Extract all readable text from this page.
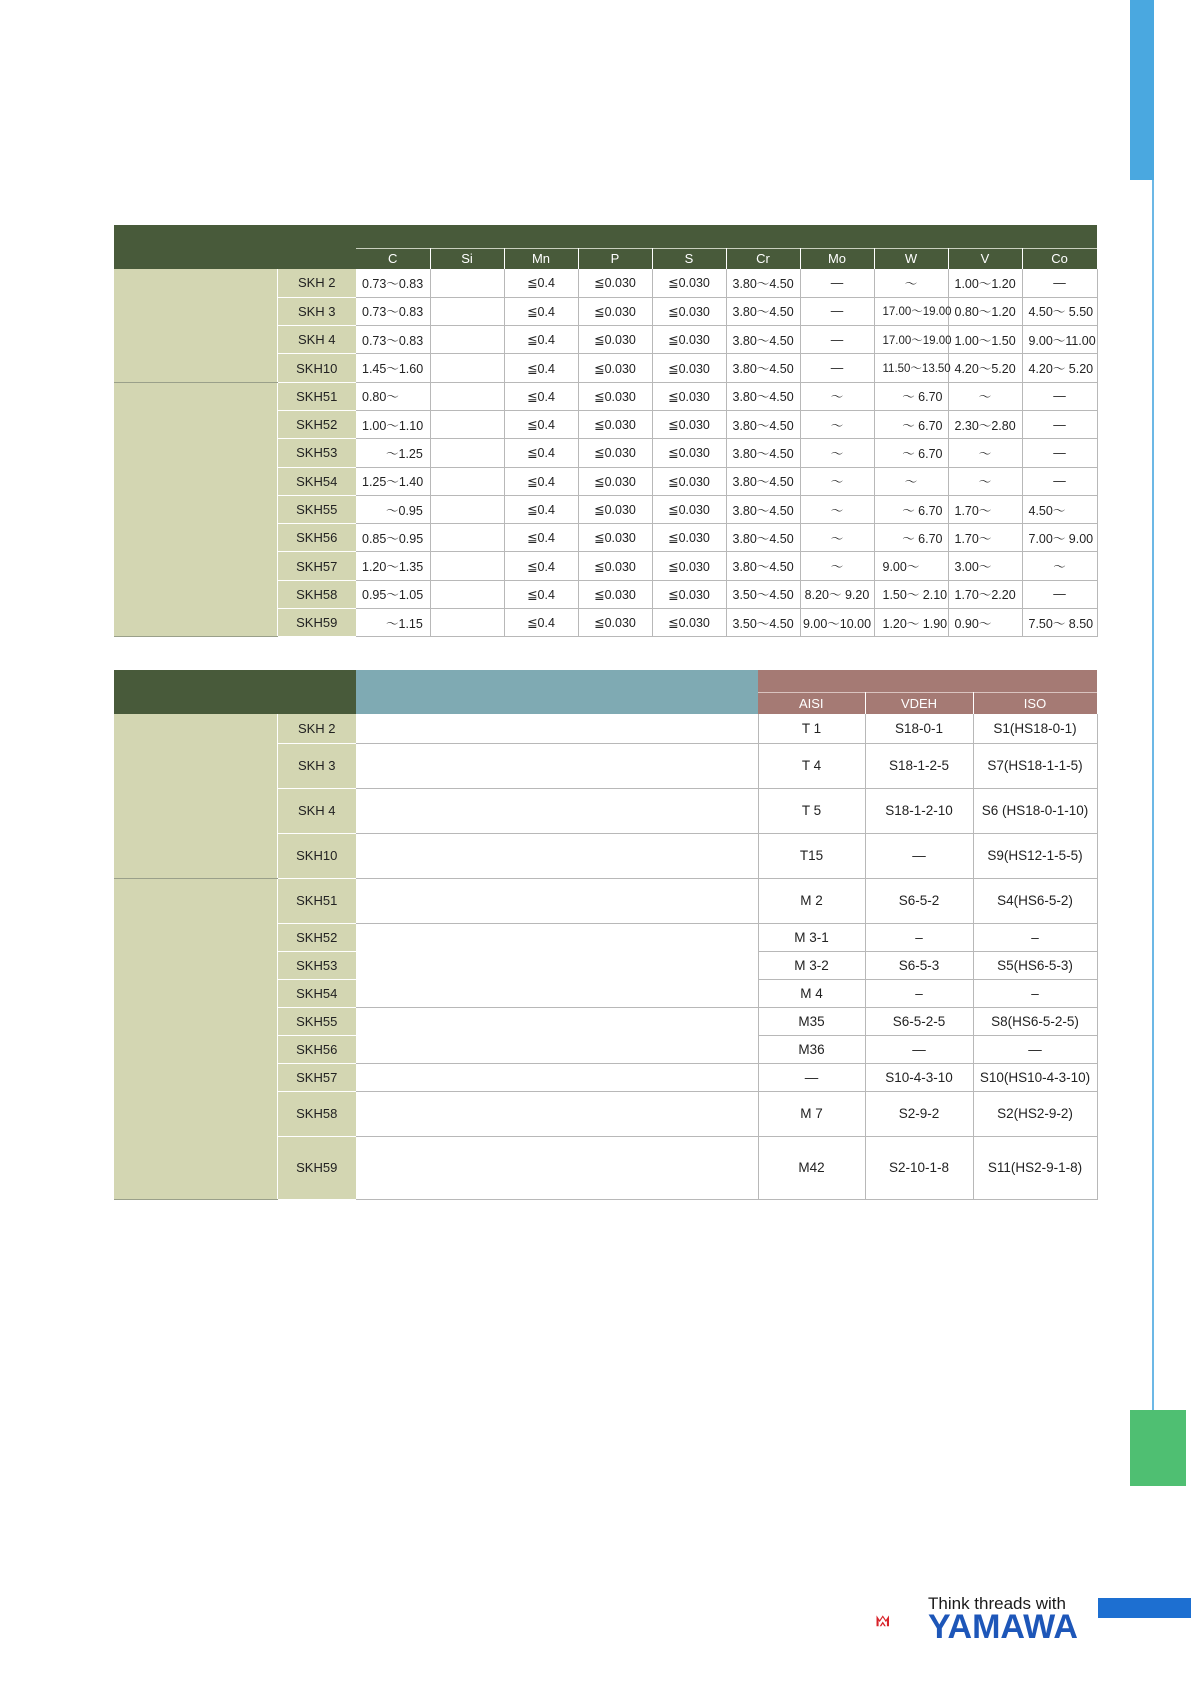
		C	Si	Mn	P	S	Cr	Mo	W	V	Co
	SKH 2	0.73〜0.83		≦0.4	≦0.030	≦0.030	3.80〜4.50	—	〜	1.00〜1.20	—
	SKH 3	0.73〜0.83		≦0.4	≦0.030	≦0.030	3.80〜4.50	—	17.00〜19.00	0.80〜1.20	4.50〜 5.50
	SKH 4	0.73〜0.83		≦0.4	≦0.030	≦0.030	3.80〜4.50	—	17.00〜19.00	1.00〜1.50	9.00〜11.00
	SKH10	1.45〜1.60		≦0.4	≦0.030	≦0.030	3.80〜4.50	—	11.50〜13.50	4.20〜5.20	4.20〜 5.20
	SKH51	0.80〜		≦0.4	≦0.030	≦0.030	3.80〜4.50	〜	〜 6.70	〜	—
	SKH52	1.00〜1.10		≦0.4	≦0.030	≦0.030	3.80〜4.50	〜	〜 6.70	2.30〜2.80	—
	SKH53	〜1.25		≦0.4	≦0.030	≦0.030	3.80〜4.50	〜	〜 6.70	〜	—
	SKH54	1.25〜1.40		≦0.4	≦0.030	≦0.030	3.80〜4.50	〜	〜	〜	—
	SKH55	〜0.95		≦0.4	≦0.030	≦0.030	3.80〜4.50	〜	〜 6.70	1.70〜	4.50〜
	SKH56	0.85〜0.95		≦0.4	≦0.030	≦0.030	3.80〜4.50	〜	〜 6.70	1.70〜	7.00〜 9.00
	SKH57	1.20〜1.35		≦0.4	≦0.030	≦0.030	3.80〜4.50	〜	9.00〜	3.00〜	〜
	SKH58	0.95〜1.05		≦0.4	≦0.030	≦0.030	3.50〜4.50	8.20〜 9.20	1.50〜 2.10	1.70〜2.20	—
	SKH59	〜1.15		≦0.4	≦0.030	≦0.030	3.50〜4.50	9.00〜10.00	1.20〜 1.90	0.90〜	7.50〜 8.50

			AISI	VDEH	ISO
	SKH 2		T 1	S18-0-1	S1(HS18-0-1)
	SKH 3		T 4	S18-1-2-5	S7(HS18-1-1-5)
	SKH 4		T 5	S18-1-2-10	S6 (HS18-0-1-10)
	SKH10		T15	—	S9(HS12-1-5-5)
	SKH51		M 2	S6-5-2	S4(HS6-5-2)
	SKH52		M 3-1	–	–
	SKH53		M 3-2	S6-5-3	S5(HS6-5-3)
	SKH54		M 4	–	–
	SKH55		M35	S6-5-2-5	S8(HS6-5-2-5)
	SKH56		M36	—	—
	SKH57		—	S10-4-3-10	S10(HS10-4-3-10)
	SKH58		M 7	S2-9-2	S2(HS2-9-2)
	SKH59		M42	S2-10-1-8	S11(HS2-9-1-8)
Think threads with
YAMAWA
